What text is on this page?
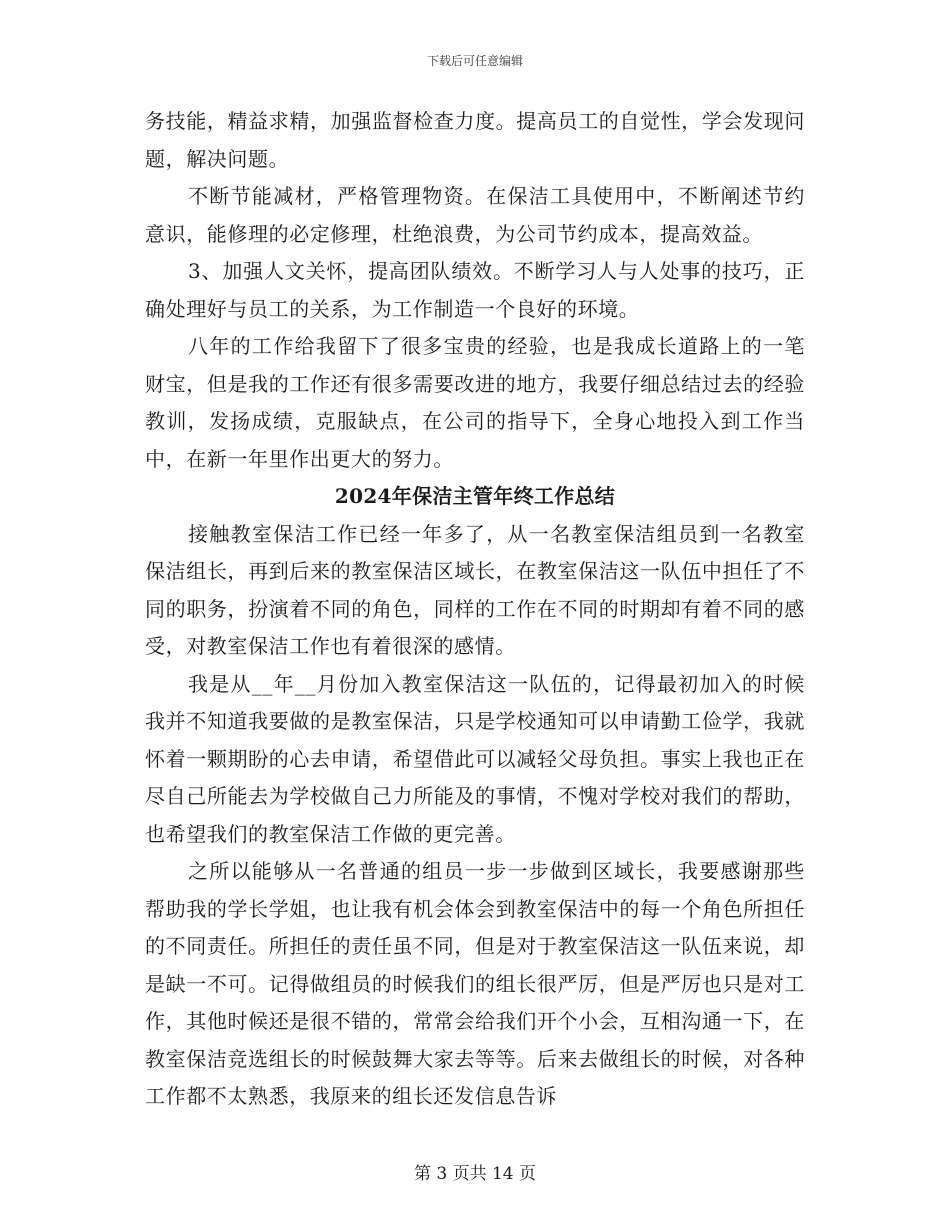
下载后可任意编辑

务技能，精益求精，加强监督检查力度。提高员工的自觉性，学会发现问题，解决问题。

不断节能减材，严格管理物资。在保洁工具使用中，不断阐述节约意识，能修理的必定修理，杜绝浪费，为公司节约成本，提高效益。

3、加强人文关怀，提高团队绩效。不断学习人与人处事的技巧，正确处理好与员工的关系，为工作制造一个良好的环境。

八年的工作给我留下了很多宝贵的经验，也是我成长道路上的一笔财宝，但是我的工作还有很多需要改进的地方，我要仔细总结过去的经验教训，发扬成绩，克服缺点，在公司的指导下，全身心地投入到工作当中，在新一年里作出更大的努力。

2024年保洁主管年终工作总结

接触教室保洁工作已经一年多了，从一名教室保洁组员到一名教室保洁组长，再到后来的教室保洁区域长，在教室保洁这一队伍中担任了不同的职务，扮演着不同的角色，同样的工作在不同的时期却有着不同的感受，对教室保洁工作也有着很深的感情。

我是从__年__月份加入教室保洁这一队伍的，记得最初加入的时候我并不知道我要做的是教室保洁，只是学校通知可以申请勤工俭学，我就怀着一颗期盼的心去申请，希望借此可以减轻父母负担。事实上我也正在尽自己所能去为学校做自己力所能及的事情，不愧对学校对我们的帮助，也希望我们的教室保洁工作做的更完善。

之所以能够从一名普通的组员一步一步做到区域长，我要感谢那些帮助我的学长学姐，也让我有机会体会到教室保洁中的每一个角色所担任的不同责任。所担任的责任虽不同，但是对于教室保洁这一队伍来说，却是缺一不可。记得做组员的时候我们的组长很严厉，但是严厉也只是对工作，其他时候还是很不错的，常常会给我们开个小会，互相沟通一下，在教室保洁竞选组长的时候鼓舞大家去等等。后来去做组长的时候，对各种工作都不太熟悉，我原来的组长还发信息告诉

第 3 页共 14 页
